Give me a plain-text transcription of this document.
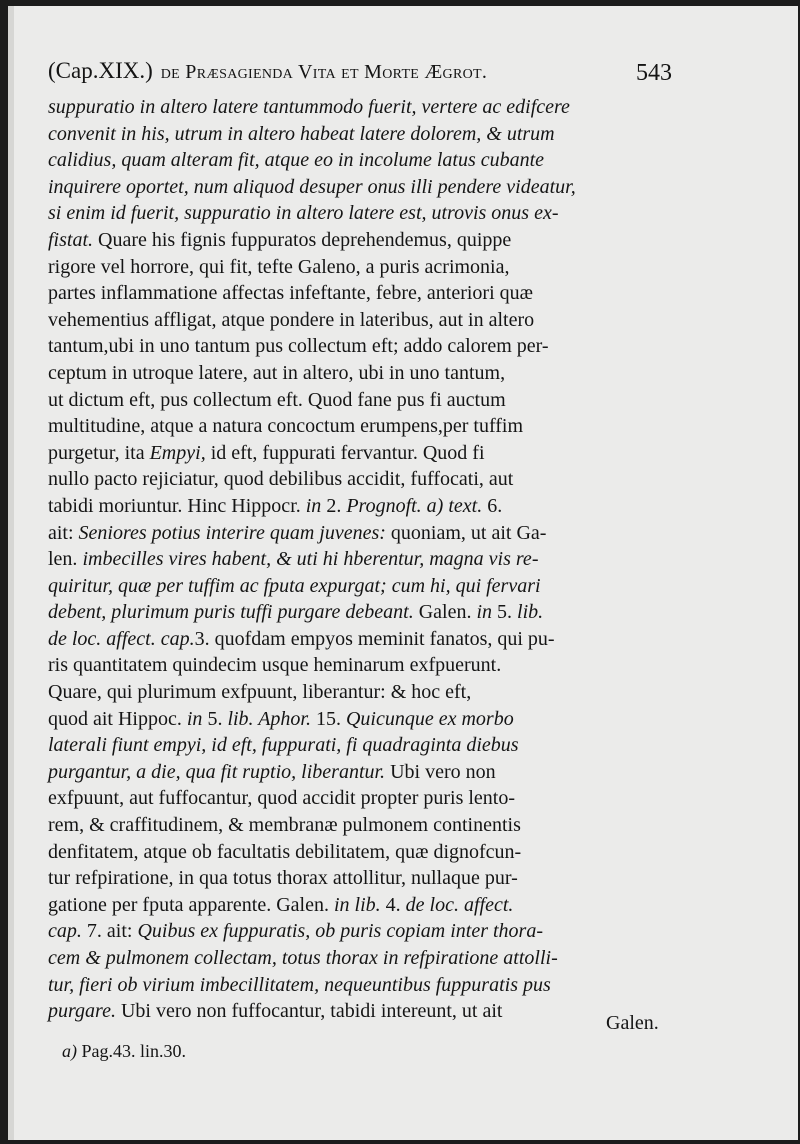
(Cap.XIX.) de Præsagienda Vita et Morte Ægrot.	543
suppuratio in altero latere tantummodo fuerit, vertere ac edifcere
convenit in his, utrum in altero habeat latere dolorem, & utrum
calidius, quam alteram fit, atque eo in incolume latus cubante
inquirere oportet, num aliquod desuper onus illi pendere videatur,
si enim id fuerit, suppuratio in altero latere est, utrovis onus ex-
fistat. Quare his fignis fuppuratos deprehendemus, quippe
rigore vel horrore, qui fit, tefte Galeno, a puris acrimonia,
partes inflammatione affectas infeftante, febre, anteriori quæ
vehementius affligat, atque pondere in lateribus, aut in altero
tantum,ubi in uno tantum pus collectum eft; addo calorem per-
ceptum in utroque latere, aut in altero, ubi in uno tantum,
ut dictum eft, pus collectum eft. Quod fane pus fi auctum
multitudine, atque a natura concoctum erumpens,per tuffim
purgetur, ita Empyi, id eft, fuppurati fervantur. Quod fi
nullo pacto rejiciatur, quod debilibus accidit, fuffocati, aut
tabidi moriuntur. Hinc Hippocr. in 2. Prognoft. a) text. 6.
ait: Seniores potius interire quam juvenes: quoniam, ut ait Ga-
len. imbecilles vires habent, & uti hi hberentur, magna vis re-
quiritur, quæ per tuffim ac fputa expurgat; cum hi, qui fervari
debent, plurimum puris tuffi purgare debeant. Galen. in 5. lib.
de loc. affect. cap.3. quofdam empyos meminit fanatos, qui pu-
ris quantitatem quindecim usque heminarum exfpuerunt.
Quare, qui plurimum exfpuunt, liberantur: & hoc eft,
quod ait Hippoc. in 5. lib. Aphor. 15. Quicunque ex morbo
laterali fiunt empyi, id eft, fuppurati, fi quadraginta diebus
purgantur, a die, qua fit ruptio, liberantur. Ubi vero non
exfpuunt, aut fuffocantur, quod accidit propter puris lento-
rem, & craffitudinem, & membranæ pulmonem continentis
denfitatem, atque ob facultatis debilitatem, quæ dignofcun-
tur refpiratione, in qua totus thorax attollitur, nullaque pur-
gatione per fputa apparente. Galen. in lib. 4. de loc. affect.
cap. 7. ait: Quibus ex fuppuratis, ob puris copiam inter thora-
cem & pulmonem collectam, totus thorax in refpiratione attolli-
tur, fieri ob virium imbecillitatem, nequeuntibus fuppuratis pus
purgare. Ubi vero non fuffocantur, tabidi intereunt, ut ait
Galen.
a) Pag.43. lin.30.
